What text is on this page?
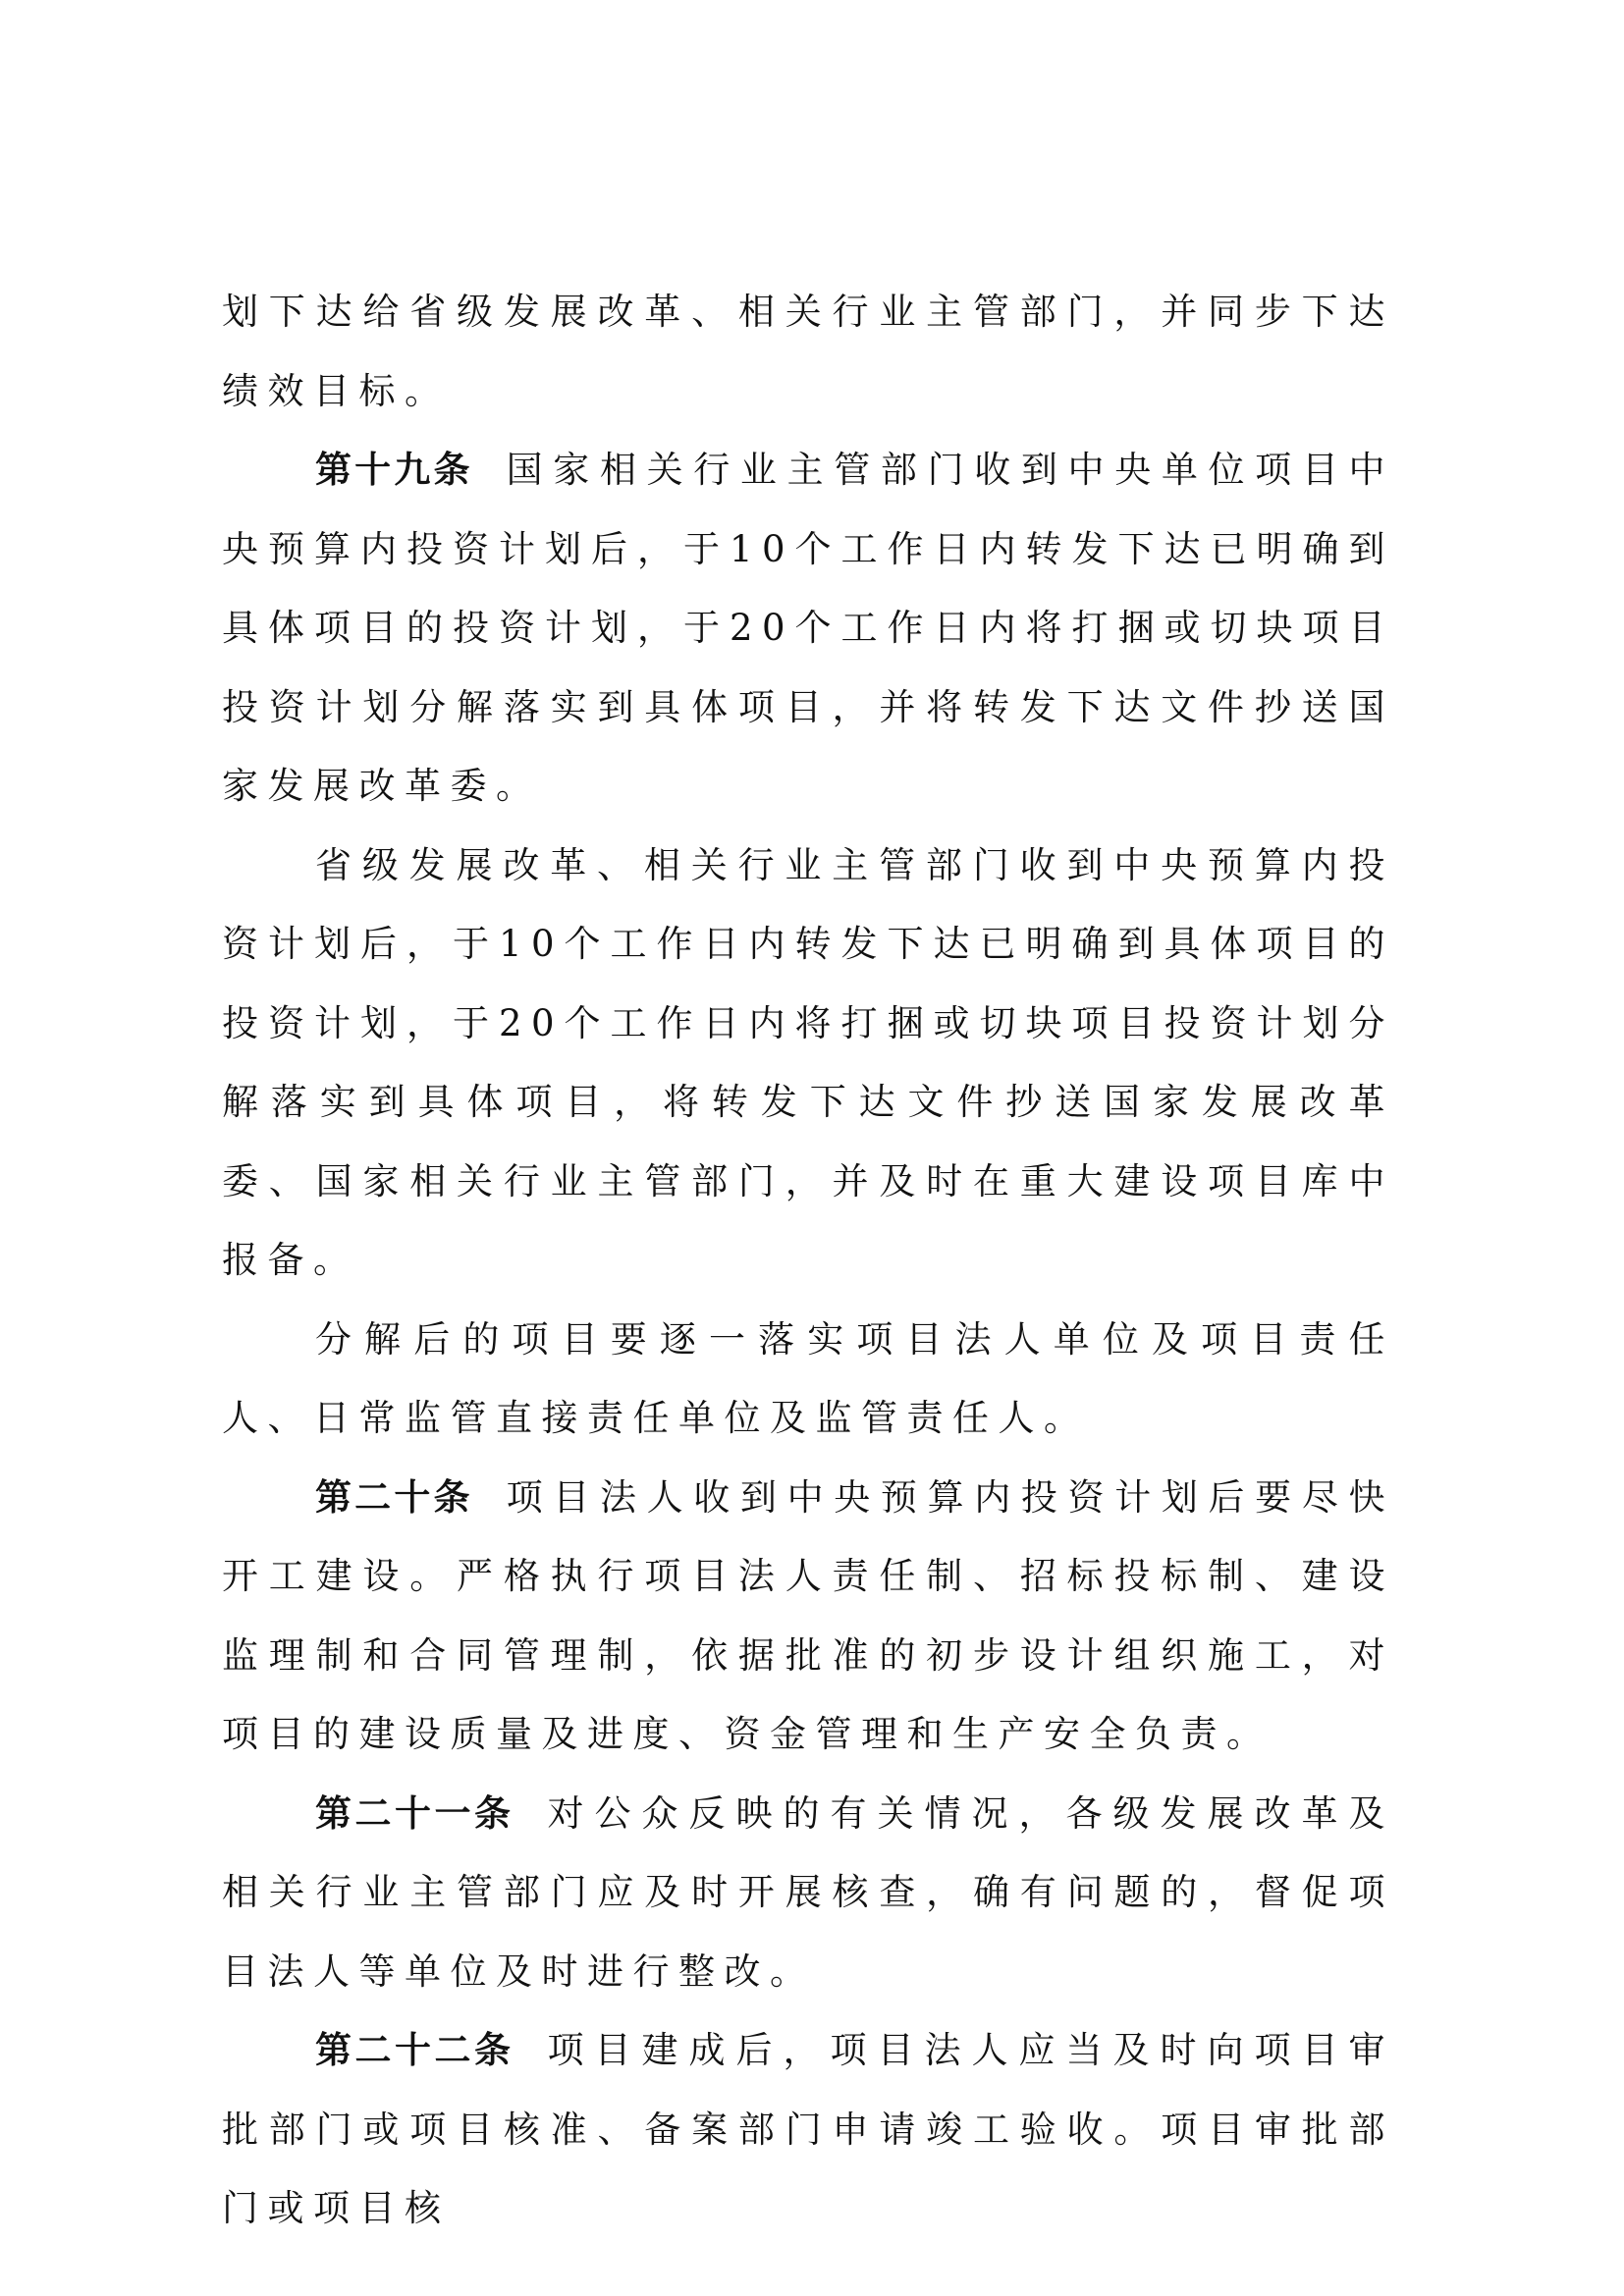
划下达给省级发展改革、相关行业主管部门，并同步下达绩效目标。

第十九条 国家相关行业主管部门收到中央单位项目中央预算内投资计划后，于10个工作日内转发下达已明确到具体项目的投资计划，于20个工作日内将打捆或切块项目投资计划分解落实到具体项目，并将转发下达文件抄送国家发展改革委。

省级发展改革、相关行业主管部门收到中央预算内投资计划后，于10个工作日内转发下达已明确到具体项目的投资计划，于20个工作日内将打捆或切块项目投资计划分解落实到具体项目，将转发下达文件抄送国家发展改革委、国家相关行业主管部门，并及时在重大建设项目库中报备。

分解后的项目要逐一落实项目法人单位及项目责任人、日常监管直接责任单位及监管责任人。

第二十条 项目法人收到中央预算内投资计划后要尽快开工建设。严格执行项目法人责任制、招标投标制、建设监理制和合同管理制，依据批准的初步设计组织施工，对项目的建设质量及进度、资金管理和生产安全负责。

第二十一条 对公众反映的有关情况，各级发展改革及相关行业主管部门应及时开展核查，确有问题的，督促项目法人等单位及时进行整改。

第二十二条 项目建成后，项目法人应当及时向项目审批部门或项目核准、备案部门申请竣工验收。项目审批部门或项目核
